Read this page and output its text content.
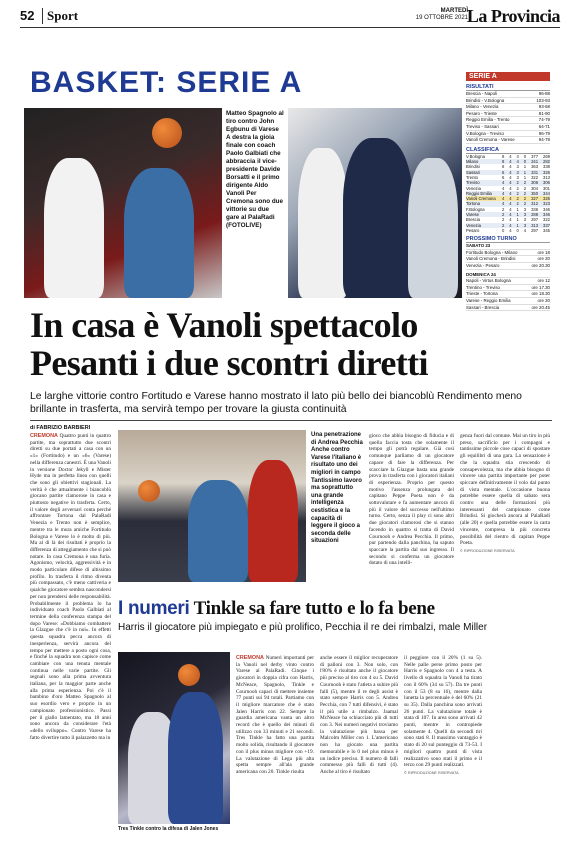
52 Sport	MARTEDÌ
19 OTTOBRE 2021
La Provincia
BASKET: SERIE A
Matteo Spagnolo al tiro contro John Egbunu di Varese A destra la gioia finale con coach Paolo Galbiati che abbraccia il vice-presidente Davide Borsatti e il primo dirigente Aldo Vanoli Per Cremona sono due vittorie su due gare al PalaRadi (FOTOLIVE)
SERIE A
RISULTATI
Brescia - Napoli	96-88
Brindisi - V.Bologna	103-93
Milano - Venezia	93-68
Pesaro - Trieste	81-90
Reggio Emilia - Trento	74-79
Treviso - Sassari	64-71
V.Bologna - Treviso	96-79
Vanoli Cremona - Varese	94-78
CLASSIFICA
V.Bologna	8 4 4 0 377 269
Milano	8 4 4 0 341 282
Brindisi	6 4 3 1 363 338
Sassari	6 4 3 1 331 326
Trento	6 4 3 1 322 313
Treviso	4 4 2 2 306 306
Venezia	4 4 2 2 304 301
Reggio Emilia	4 4 2 2 350 344
Vanoli Cremona	4 4 2 2 327 326
Tortona	4 4 2 2 312 323
F.Bologna	2 4 1 3 336 346
Varese	2 4 1 3 288 346
Brescia	2 4 1 3 297 322
Venezia	2 4 1 3 313 337
Pesaro	0 4 0 4 297 345
PROSSIMO TURNO
SABATO 23
Fortitudo Bologna - Milano	ore 18
Vanoli Cremona - Brindisi	ore 20
Venezia - Pesaro	ore 20.30
DOMENICA 24
Napoli - Virtus Bologna	ore 12
Trentino - Treviso	ore 17.30
Trieste - Tortona	ore 18.30
Varese - Reggio Emilia	ore 20
Sassari - Brescia	ore 20.45
In casa è Vanoli spettacolo
Pesanti i due scontri diretti
Le larghe vittorie contro Fortitudo e Varese hanno mostrato il lato più bello dei biancoblù Rendimento meno brillante in trasferta, ma servirà tempo per trovare la giusta continuità
di FABRIZIO BARBIERI
CREMONA Quattro punti in quattro partite, ma soprattutto due scontri diretti su due portati a casa con un «1» (Fortitudo) e un «6» (Varese) nella differenza canestri. È una Vanoli in versione Doctor Jekyll e Mister Hyde ma in perfetta linea con quelli che sono gli obiettivi stagionali. La verità è che attualmente i biancoblù giocano partite clamorose in casa e piuttosto negative in trasferta. Certo, il valore degli avversari conta perché affrontare Tortona dal PalaRadi Venezia e Trento non è semplice, mentre tra le mura amiche Fortitudo Bologna e Varese lo è molto di più. Ma al di là dei risultati è proprio la differenza di atteggiamento che si può notare. In casa Cremona è una furia. Agonismo, velocità, aggressività e in modo particolare difese di altissimo profilo. In trasferta il ritmo diventa più compassato, c'è meno cattiveria e qualche giocatore sembra nascondersi per non prendersi delle responsabilità. Probabilmente il problema lo ha individuato coach Paolo Galbiati al termine della conferenza stampa del dopo Varese: «Dobbiamo combattere la Glazgue che c'è in noi». In effetti questa squadra pecca ancora di inesperienza, servirà ancora del tempo per mettere a posto ogni cosa, e finché la squadra non capisce come cambiare con una tenuta mentale continua nelle varie partite. Gli segnali sono alla prima avventura italiana, per la maggior parte anche alla prima esperienza. Poi c'è il bambino d'oro Matteo Spagnolo al suo esordio vero e proprio in un campionato professionistico. Passi per il giallo lamentato, ma 18 anni sono ancora da considerare l'età «dello sviluppo». Contro Varese ha fatto divertire tutto il palazzetto ma in
Una penetrazione di Andrea Pecchia Anche contro Varese l'italiano è risultato uno dei migliori in campo Tantissimo lavoro ma soprattutto una grande intelligenza cestistica e la capacità di leggere il gioco a seconda delle situazioni
gioco che abbia bisogno di fiducia e di quella faccia tosta che solamente il tempo gli potrà regalare. Già così comunque parliamo di un giocatore capace di fare la differenza. Per scacciare la Glazgue basta una grande prova in trasferta con i giocatori italiani di esperienza. Proprio per questo motivo l'assenza prolungata del capitano Peppe Poeta non è da sottovalutare e fa aumentare ancora di più il valore del successo nell'ultimo turno. Certo, senza il play ci sono altri due giocatori clamorosi che si stanno facendo in quattro si tratta di David Cournooh e Andrea Pecchia. Il primo, pur partendo dalla panchina, ha saputo spaccare la partita dal suo ingresso. Il secondo si conferma un giocatore dotato di una intelli-
genza fuori dal comune. Mai un tiro in più preso, sacrificio per i compagni e tantissime piccole cose capaci di spostare gli equilibri di una gara. La sensazione è che la squadra stia crescendo di consapevolezza, ma che abbia bisogno di vincere una partita importante per poter spiccare definitivamente il volo dal punto di vista mentale. L'occasione buona potrebbe essere quella di sabato sera contro una delle formazioni più interessanti del campionato come Brindisi. Si giocherà ancora al PalaRadi (alle 20) e quella potrebbe essere la carta vincente, compresa la più concreta possibilità del rientro di capitan Peppe Poeta.
© RIPRODUZIONE RISERVATA
I numeri Tinkle sa fare tutto e lo fa bene
Harris il giocatore più impiegato e più prolifico, Pecchia il re dei rimbalzi, male Miller
Tres Tinkle contro la difesa di Jalen Jones
CREMONA Numeri importanti per la Vanoli nel derby vinto contro Varese al PalaRadi. Cinque i giocatori in doppia cifra con Harris, McNeace, Spagnolo, Tinkle e Cournooh capaci di mettere insieme 77 punti sui 94 totali. Partiamo con il migliore marcatore che è stato Jalen Harris con 22. Sempre la guardia americana vanta un altro record che è quello dei minuti di utilizzo con 33 minuti e 21 secondi. Tres Tinkle ha fatto una partita molto solida, risultando il giocatore con il plus minus migliore con +19. La valutazione di Lega più alta spetta sempre all'ala grande americana con 20. Tinkle risulta
anche essere il miglior recuperatore di palloni con 3. Non solo, con l'80% è risultato anche il giocatore più preciso al tiro con 4 su 5. David Cournooh è stato l'atleta a subire più falli (5), mentre il re degli assist è stato sempre Harris con 5. Andrea Pecchia, con 7 tutti difensivi, è stato il più utile a rimbalzo. Jaamal McNeace ha schiacciato più di tutti con 3. Nei numeri negativi troviamo la valutazione più bassa per Malcolm Miller con 1. L'americano non ha giocato una partita memorabile e lo 0 nel plus minus è un indice preciso. Il numero di falli commesso più falli di tutti (4). Anche al tiro è risultato
il peggiore con il 20% (1 su 5). Nelle palle perse primo posto per Harris e Spagnolo con 4 a testa. A livello di squadra la Vanoli ha tirato con il 60% (34 su 57). Da tre punti con il 53 (8 su 16), mentre dalla lunetta la percentuale è del 60% (21 su 35). Dalla panchina sono arrivati 26 punti. La valutazione totale è stata di 107. In area sono arrivati 42 punti, mentre in contropiede solamente 4. Quelli da secondi tiri sono stati 8. Il massimo vantaggio è stato di 20 sul punteggio di 73-53. I migliori quattro punti di vista realizzativo sono stati il primo e il terzo con 29 punti realizzati.
© RIPRODUZIONE RISERVATA
